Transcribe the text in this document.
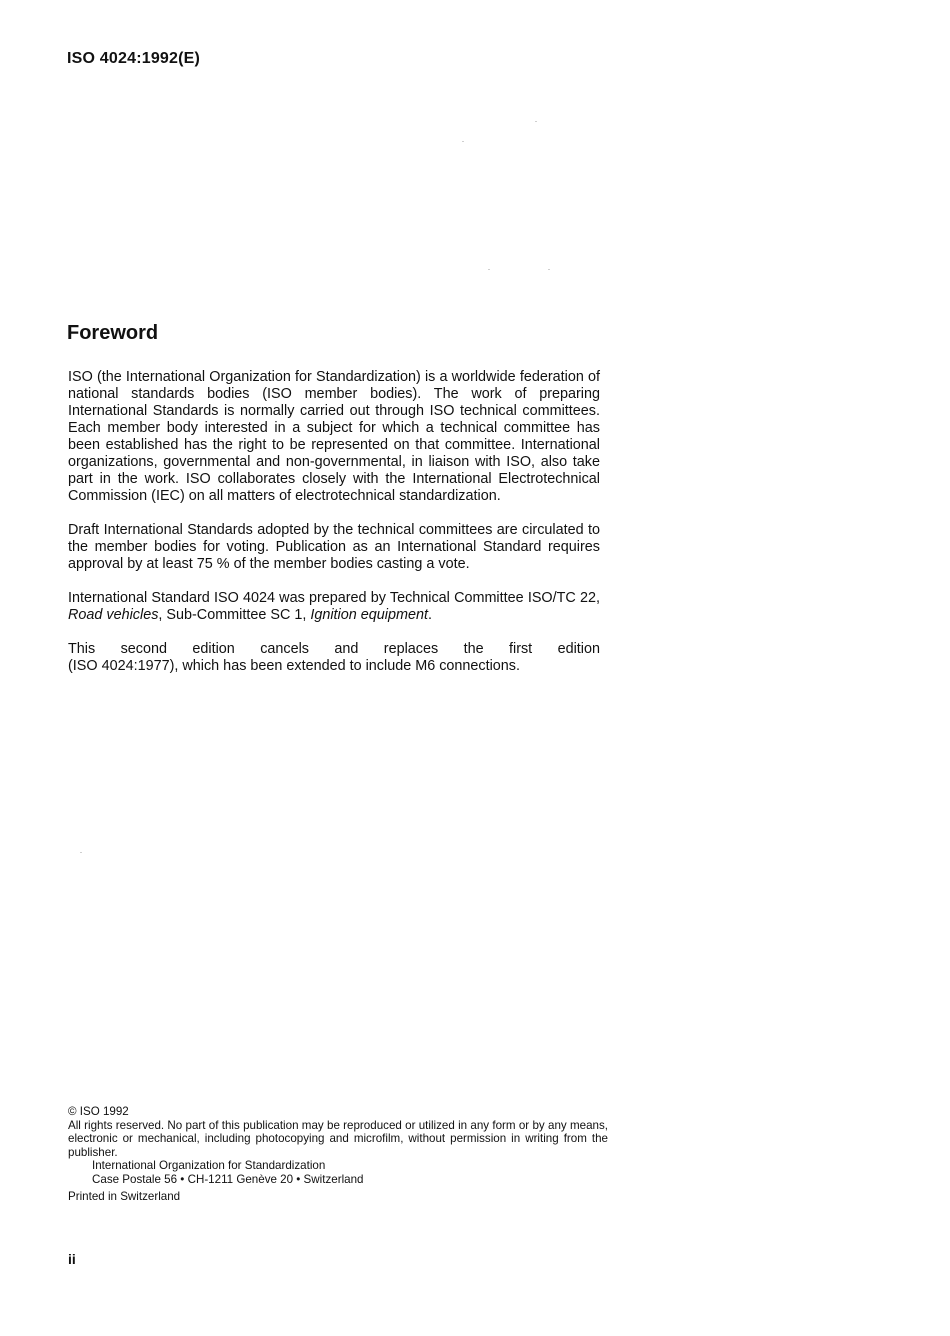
ISO 4024:1992(E)
Foreword

ISO (the International Organization for Standardization) is a worldwide federation of national standards bodies (ISO member bodies). The work of preparing International Standards is normally carried out through ISO technical committees. Each member body interested in a subject for which a technical committee has been established has the right to be represented on that committee. International organizations, governmental and non-governmental, in liaison with ISO, also take part in the work. ISO collaborates closely with the International Electrotechnical Commission (IEC) on all matters of electrotechnical standardization.

Draft International Standards adopted by the technical committees are circulated to the member bodies for voting. Publication as an International Standard requires approval by at least 75 % of the member bodies casting a vote.

International Standard ISO 4024 was prepared by Technical Committee ISO/TC 22, Road vehicles, Sub-Committee SC 1, Ignition equipment.

This second edition cancels and replaces the first edition
(ISO 4024:1977), which has been extended to include M6 connections.

© ISO 1992
All rights reserved. No part of this publication may be reproduced or utilized in any form or by any means, electronic or mechanical, including photocopying and microfilm, without permission in writing from the publisher.
International Organization for Standardization
Case Postale 56 • CH-1211 Genève 20 • Switzerland
Printed in Switzerland
ii
